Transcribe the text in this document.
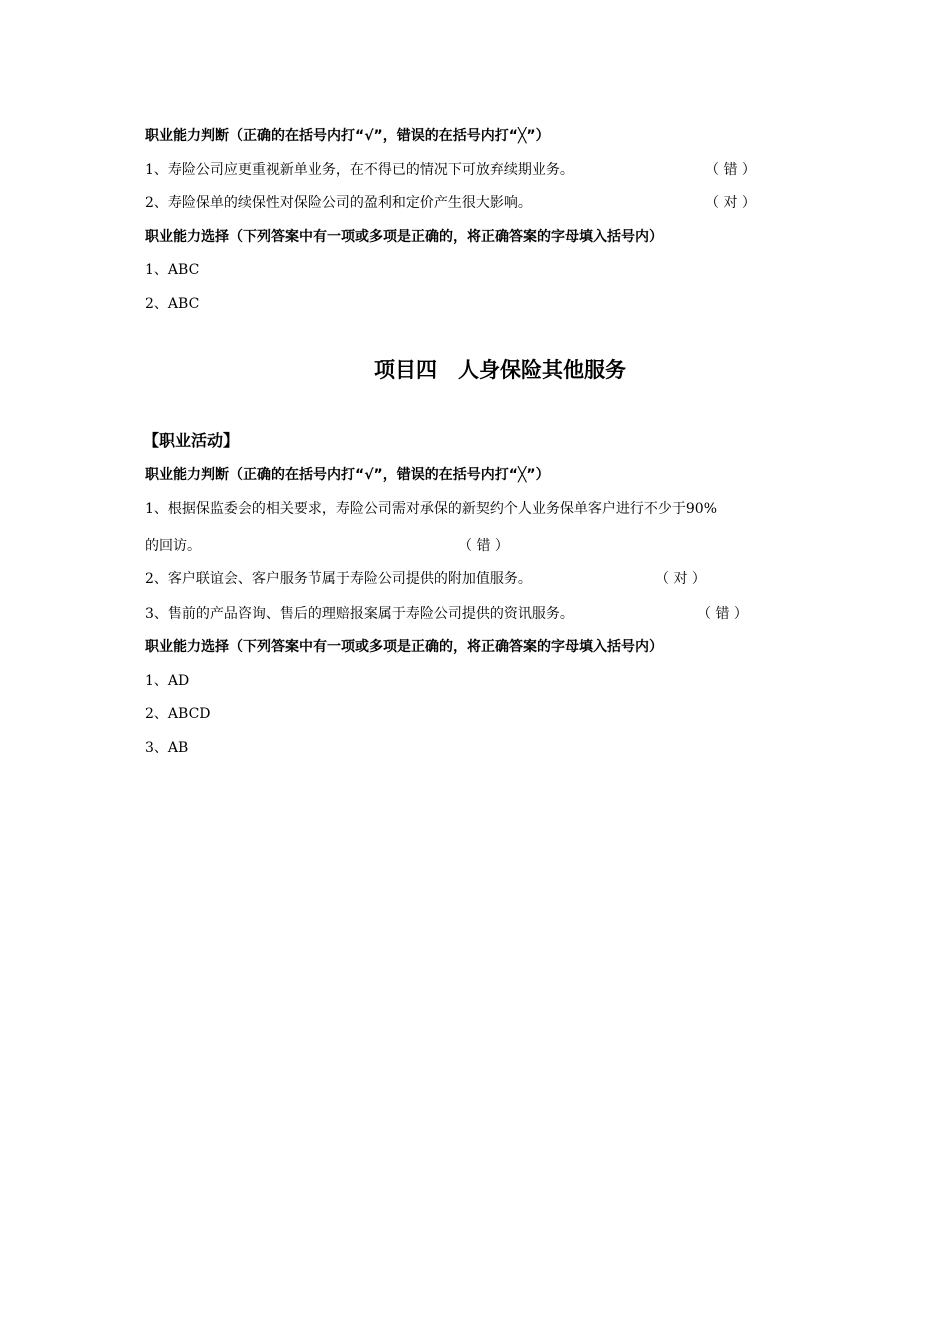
职业能力判断（正确的在括号内打“√”，错误的在括号内打“╳”）
1、寿险公司应更重视新单业务，在不得已的情况下可放弃续期业务。	（ 错 ）
2、寿险保单的续保性对保险公司的盈利和定价产生很大影响。	（ 对 ）
职业能力选择（下列答案中有一项或多项是正确的，将正确答案的字母填入括号内）
1、ABC
2、ABC
项目四　人身保险其他服务
【职业活动】
职业能力判断（正确的在括号内打“√”，错误的在括号内打“╳”）
1、根据保监委会的相关要求，寿险公司需对承保的新契约个人业务保单客户进行不少于90%
的回访。	（ 错 ）
2、客户联谊会、客户服务节属于寿险公司提供的附加值服务。	（ 对 ）
3、售前的产品咨询、售后的理赔报案属于寿险公司提供的资讯服务。	（ 错 ）
职业能力选择（下列答案中有一项或多项是正确的，将正确答案的字母填入括号内）
1、AD
2、ABCD
3、AB
